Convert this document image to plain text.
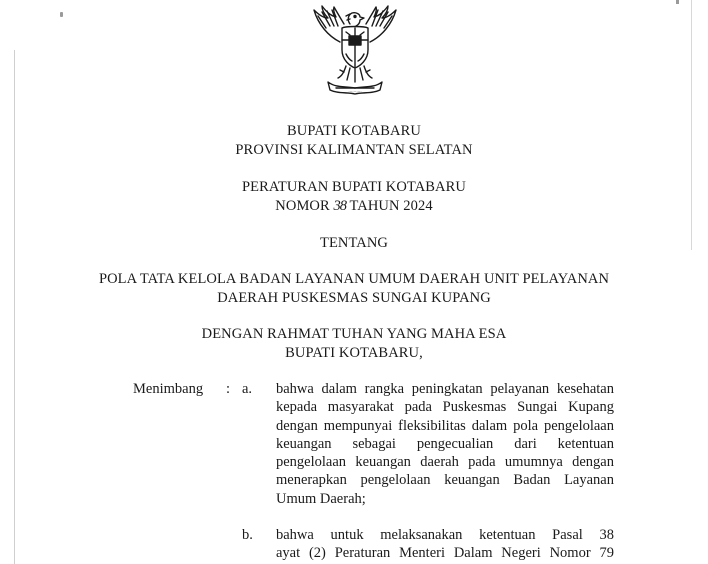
‥‥‥‥‥
BUPATI KOTABARU
PROVINSI KALIMANTAN SELATAN
PERATURAN BUPATI KOTABARU
NOMOR 38 TAHUN 2024
TENTANG
POLA TATA KELOLA BADAN LAYANAN UMUM DAERAH UNIT PELAYANAN
DAERAH PUSKESMAS SUNGAI KUPANG
DENGAN RAHMAT TUHAN YANG MAHA ESA
BUPATI KOTABARU,
Menimbang : a. bahwa dalam rangka peningkatan pelayanan kesehatan kepada masyarakat pada Puskesmas Sungai Kupang dengan mempunyai fleksibilitas dalam pola pengelolaan keuangan sebagai pengecualian dari ketentuan pengelolaan keuangan daerah pada umumnya dengan menerapkan pengelolaan keuangan Badan Layanan Umum Daerah;
b. bahwa untuk melaksanakan ketentuan Pasal 38
ayat (2) Peraturan Menteri Dalam Negeri Nomor 79
